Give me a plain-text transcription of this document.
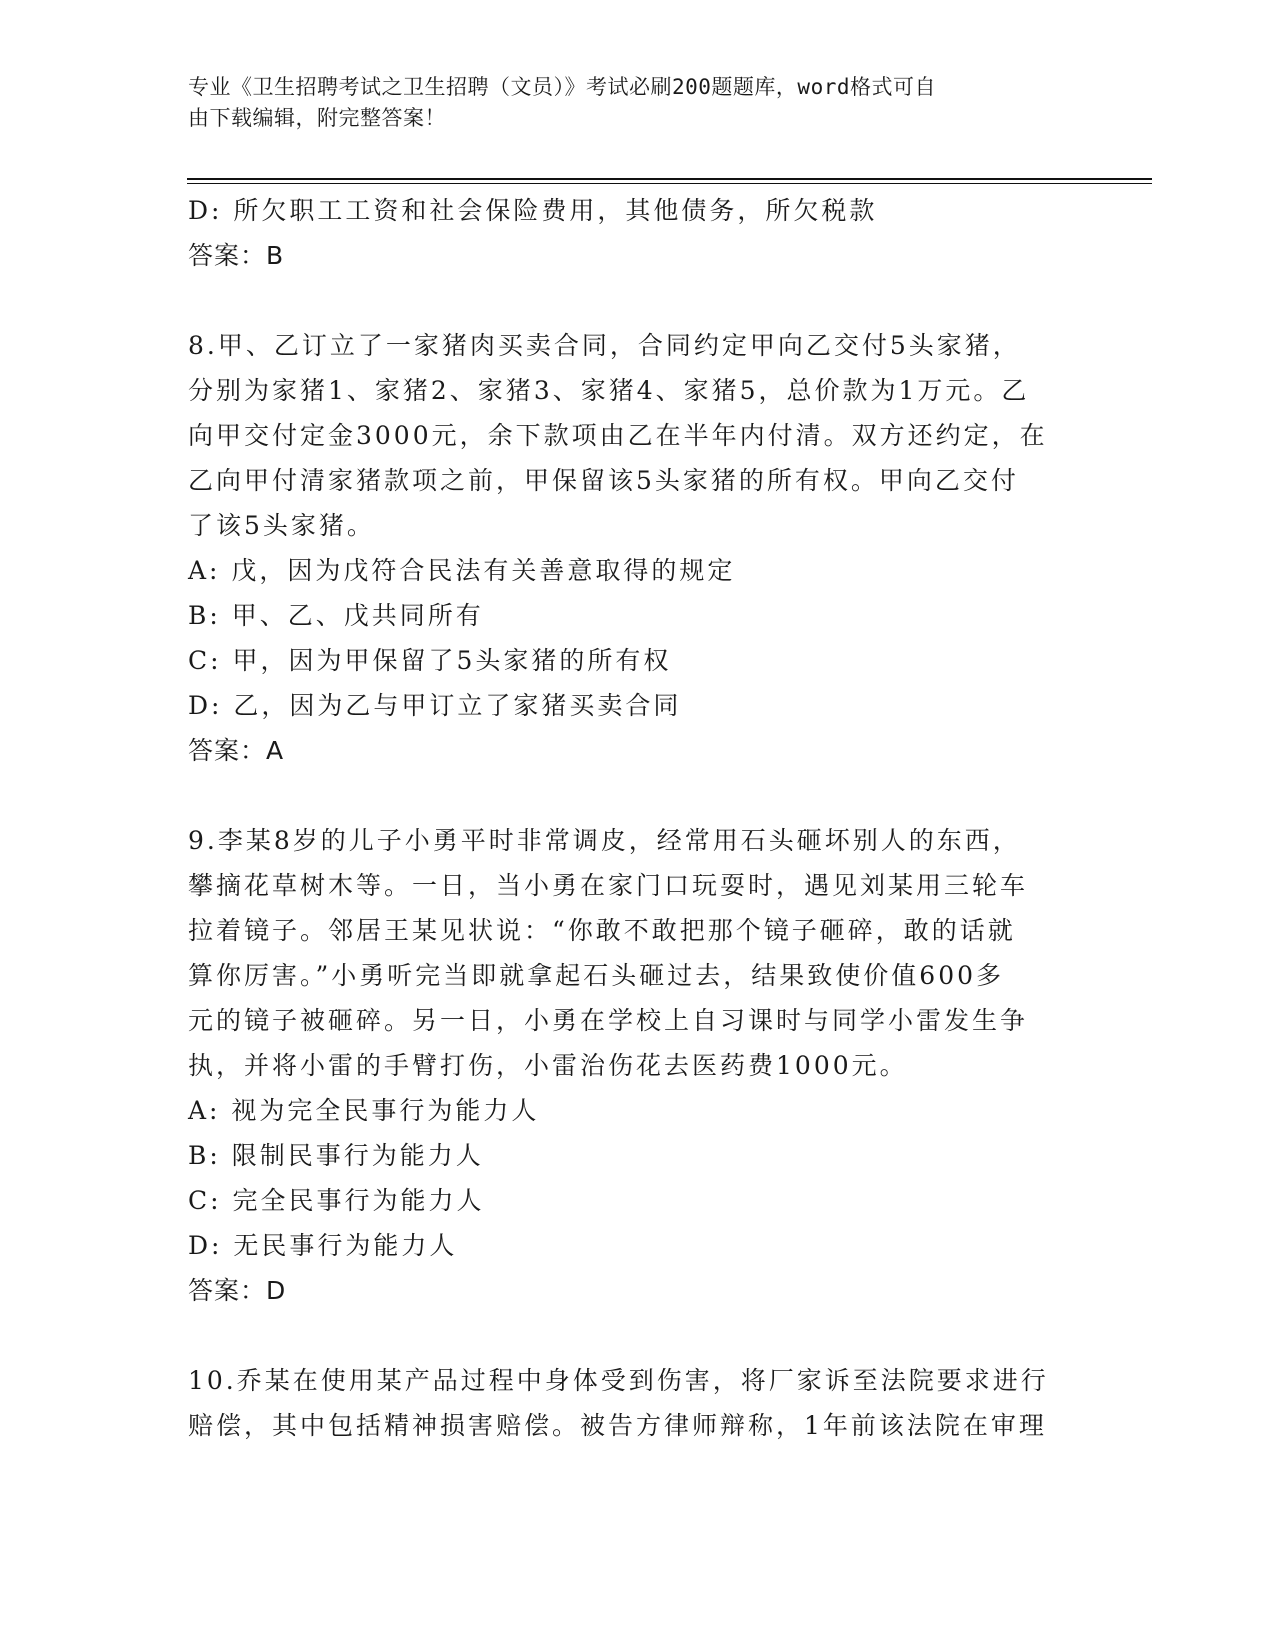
专业《卫生招聘考试之卫生招聘（文员）》考试必刷200题题库，word格式可自
由下载编辑，附完整答案！
D: 所欠职工工资和社会保险费用，其他债务，所欠税款
答案：B
8.甲、乙订立了一家猪肉买卖合同，合同约定甲向乙交付5头家猪，
分别为家猪1、家猪2、家猪3、家猪4、家猪5，总价款为1万元。乙
向甲交付定金3000元，余下款项由乙在半年内付清。双方还约定，在
乙向甲付清家猪款项之前，甲保留该5头家猪的所有权。甲向乙交付
了该5头家猪。
A: 戊，因为戊符合民法有关善意取得的规定
B: 甲、乙、戊共同所有
C: 甲，因为甲保留了5头家猪的所有权
D: 乙，因为乙与甲订立了家猪买卖合同
答案：A
9.李某8岁的儿子小勇平时非常调皮，经常用石头砸坏别人的东西，
攀摘花草树木等。一日，当小勇在家门口玩耍时，遇见刘某用三轮车
拉着镜子。邻居王某见状说：“你敢不敢把那个镜子砸碎，敢的话就
算你厉害。”小勇听完当即就拿起石头砸过去，结果致使价值600多
元的镜子被砸碎。另一日，小勇在学校上自习课时与同学小雷发生争
执，并将小雷的手臂打伤，小雷治伤花去医药费1000元。
A: 视为完全民事行为能力人
B: 限制民事行为能力人
C: 完全民事行为能力人
D: 无民事行为能力人
答案：D
10.乔某在使用某产品过程中身体受到伤害，将厂家诉至法院要求进行
赔偿，其中包括精神损害赔偿。被告方律师辩称，1年前该法院在审理
